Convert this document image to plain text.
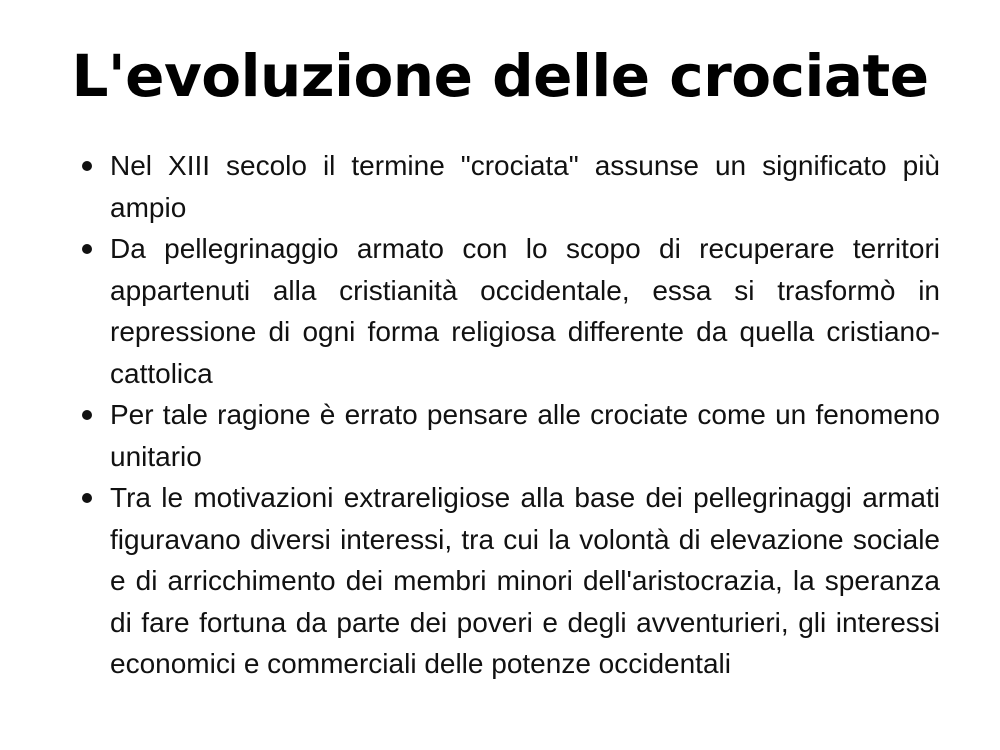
L'evoluzione delle crociate
Nel XIII secolo il termine "crociata" assunse un significato più ampio
Da pellegrinaggio armato con lo scopo di recuperare territori appartenuti alla cristianità occidentale, essa si trasformò in repressione di ogni forma religiosa differente da quella cristiano-cattolica
Per tale ragione è errato pensare alle crociate come un fenomeno unitario
Tra le motivazioni extrareligiose alla base dei pellegrinaggi armati figuravano diversi interessi, tra cui la volontà di elevazione sociale e di arricchimento dei membri minori dell'aristocrazia, la speranza di fare fortuna da parte dei poveri e degli avventurieri, gli interessi economici e commerciali delle potenze occidentali
